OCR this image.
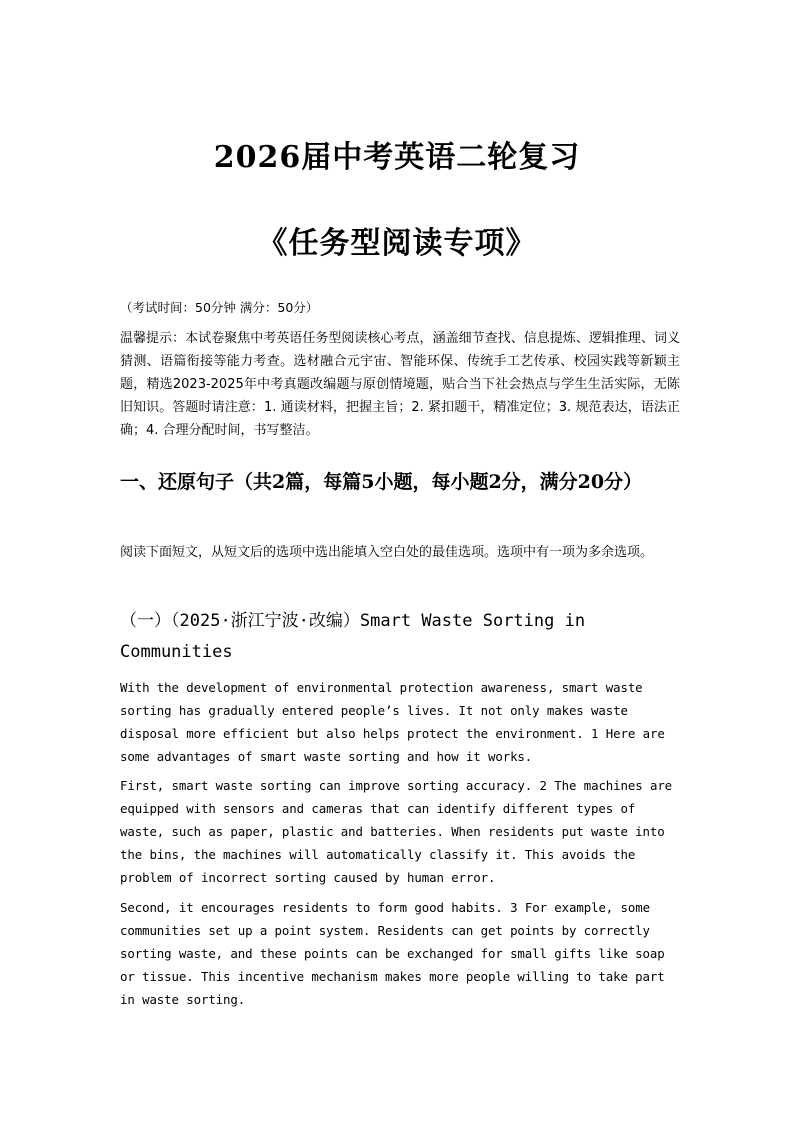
2026届中考英语二轮复习
《任务型阅读专项》
（考试时间：50分钟 满分：50分）
温馨提示：本试卷聚焦中考英语任务型阅读核心考点，涵盖细节查找、信息提炼、逻辑推理、词义猜测、语篇衔接等能力考查。选材融合元宇宙、智能环保、传统手工艺传承、校园实践等新颖主题，精选2023-2025年中考真题改编题与原创情境题，贴合当下社会热点与学生生活实际，无陈旧知识。答题时请注意：1. 通读材料，把握主旨；2. 紧扣题干，精准定位；3. 规范表达，语法正确；4. 合理分配时间，书写整洁。
一、还原句子（共2篇，每篇5小题，每小题2分，满分20分）
阅读下面短文，从短文后的选项中选出能填入空白处的最佳选项。选项中有一项为多余选项。
（一）（2025·浙江宁波·改编）Smart Waste Sorting in Communities
With the development of environmental protection awareness, smart waste sorting has gradually entered people’s lives. It not only makes waste disposal more efficient but also helps protect the environment. 1 Here are some advantages of smart waste sorting and how it works.
First, smart waste sorting can improve sorting accuracy. 2 The machines are equipped with sensors and cameras that can identify different types of waste, such as paper, plastic and batteries. When residents put waste into the bins, the machines will automatically classify it. This avoids the problem of incorrect sorting caused by human error.
Second, it encourages residents to form good habits. 3 For example, some communities set up a point system. Residents can get points by correctly sorting waste, and these points can be exchanged for small gifts like soap or tissue. This incentive mechanism makes more people willing to take part in waste sorting.
